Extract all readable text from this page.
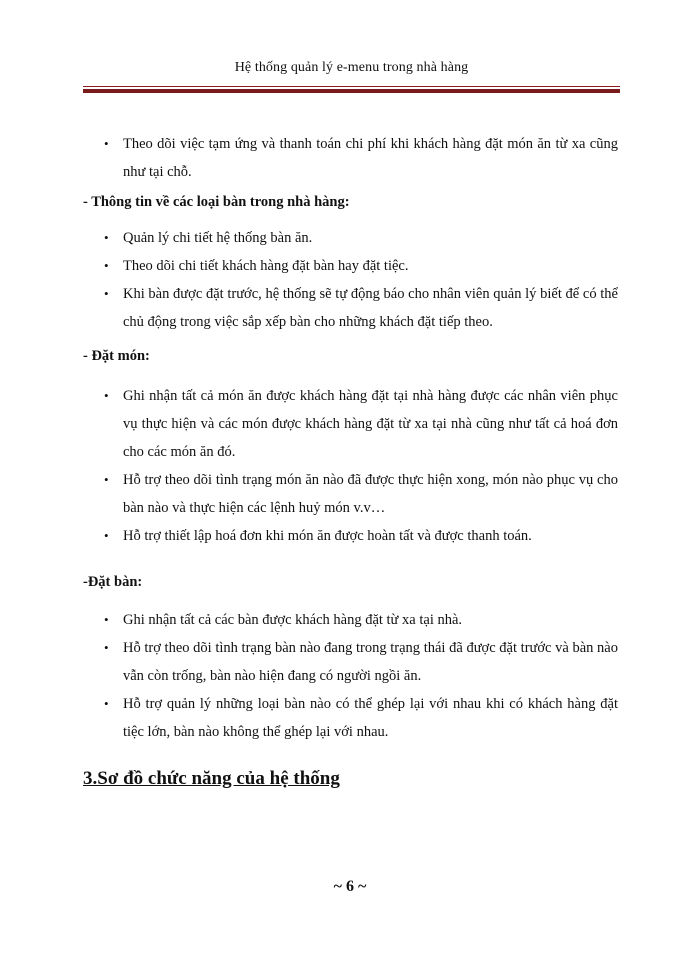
Hệ thống quản lý e-menu trong nhà hàng
• Theo dõi việc tạm ứng và thanh toán chi phí khi khách hàng đặt món ăn từ xa cũng như tại chỗ.

- Thông tin về các loại bàn trong nhà hàng:

• Quản lý chi tiết hệ thống bàn ăn.
• Theo dõi chi tiết khách hàng đặt bàn hay đặt tiệc.
• Khi bàn được đặt trước, hệ thống sẽ tự động báo cho nhân viên quản lý biết để có thể chủ động trong việc sắp xếp bàn cho những khách đặt tiếp theo.

- Đặt món:

• Ghi nhận tất cả món ăn được khách hàng đặt tại nhà hàng được các nhân viên phục vụ thực hiện và các món được khách hàng đặt từ xa tại nhà cũng như tất cả hoá đơn cho các món ăn đó.
• Hỗ trợ theo dõi tình trạng món ăn nào đã được thực hiện xong, món nào phục vụ cho bàn nào và thực hiện các lệnh huỷ món v.v…
• Hỗ trợ thiết lập hoá đơn khi món ăn được hoàn tất và được thanh toán.

-Đặt bàn:

• Ghi nhận tất cả các bàn được khách hàng đặt từ xa tại nhà.
• Hỗ trợ theo dõi tình trạng bàn nào đang trong trạng thái đã được đặt trước và bàn nào vẫn còn trống, bàn nào hiện đang có người ngồi ăn.
• Hỗ trợ quản lý những loại bàn nào có thể ghép lại với nhau khi có khách hàng đặt tiệc lớn, bàn nào không thể ghép lại với nhau.
3.Sơ đồ chức năng của hệ thống
~ 6 ~
